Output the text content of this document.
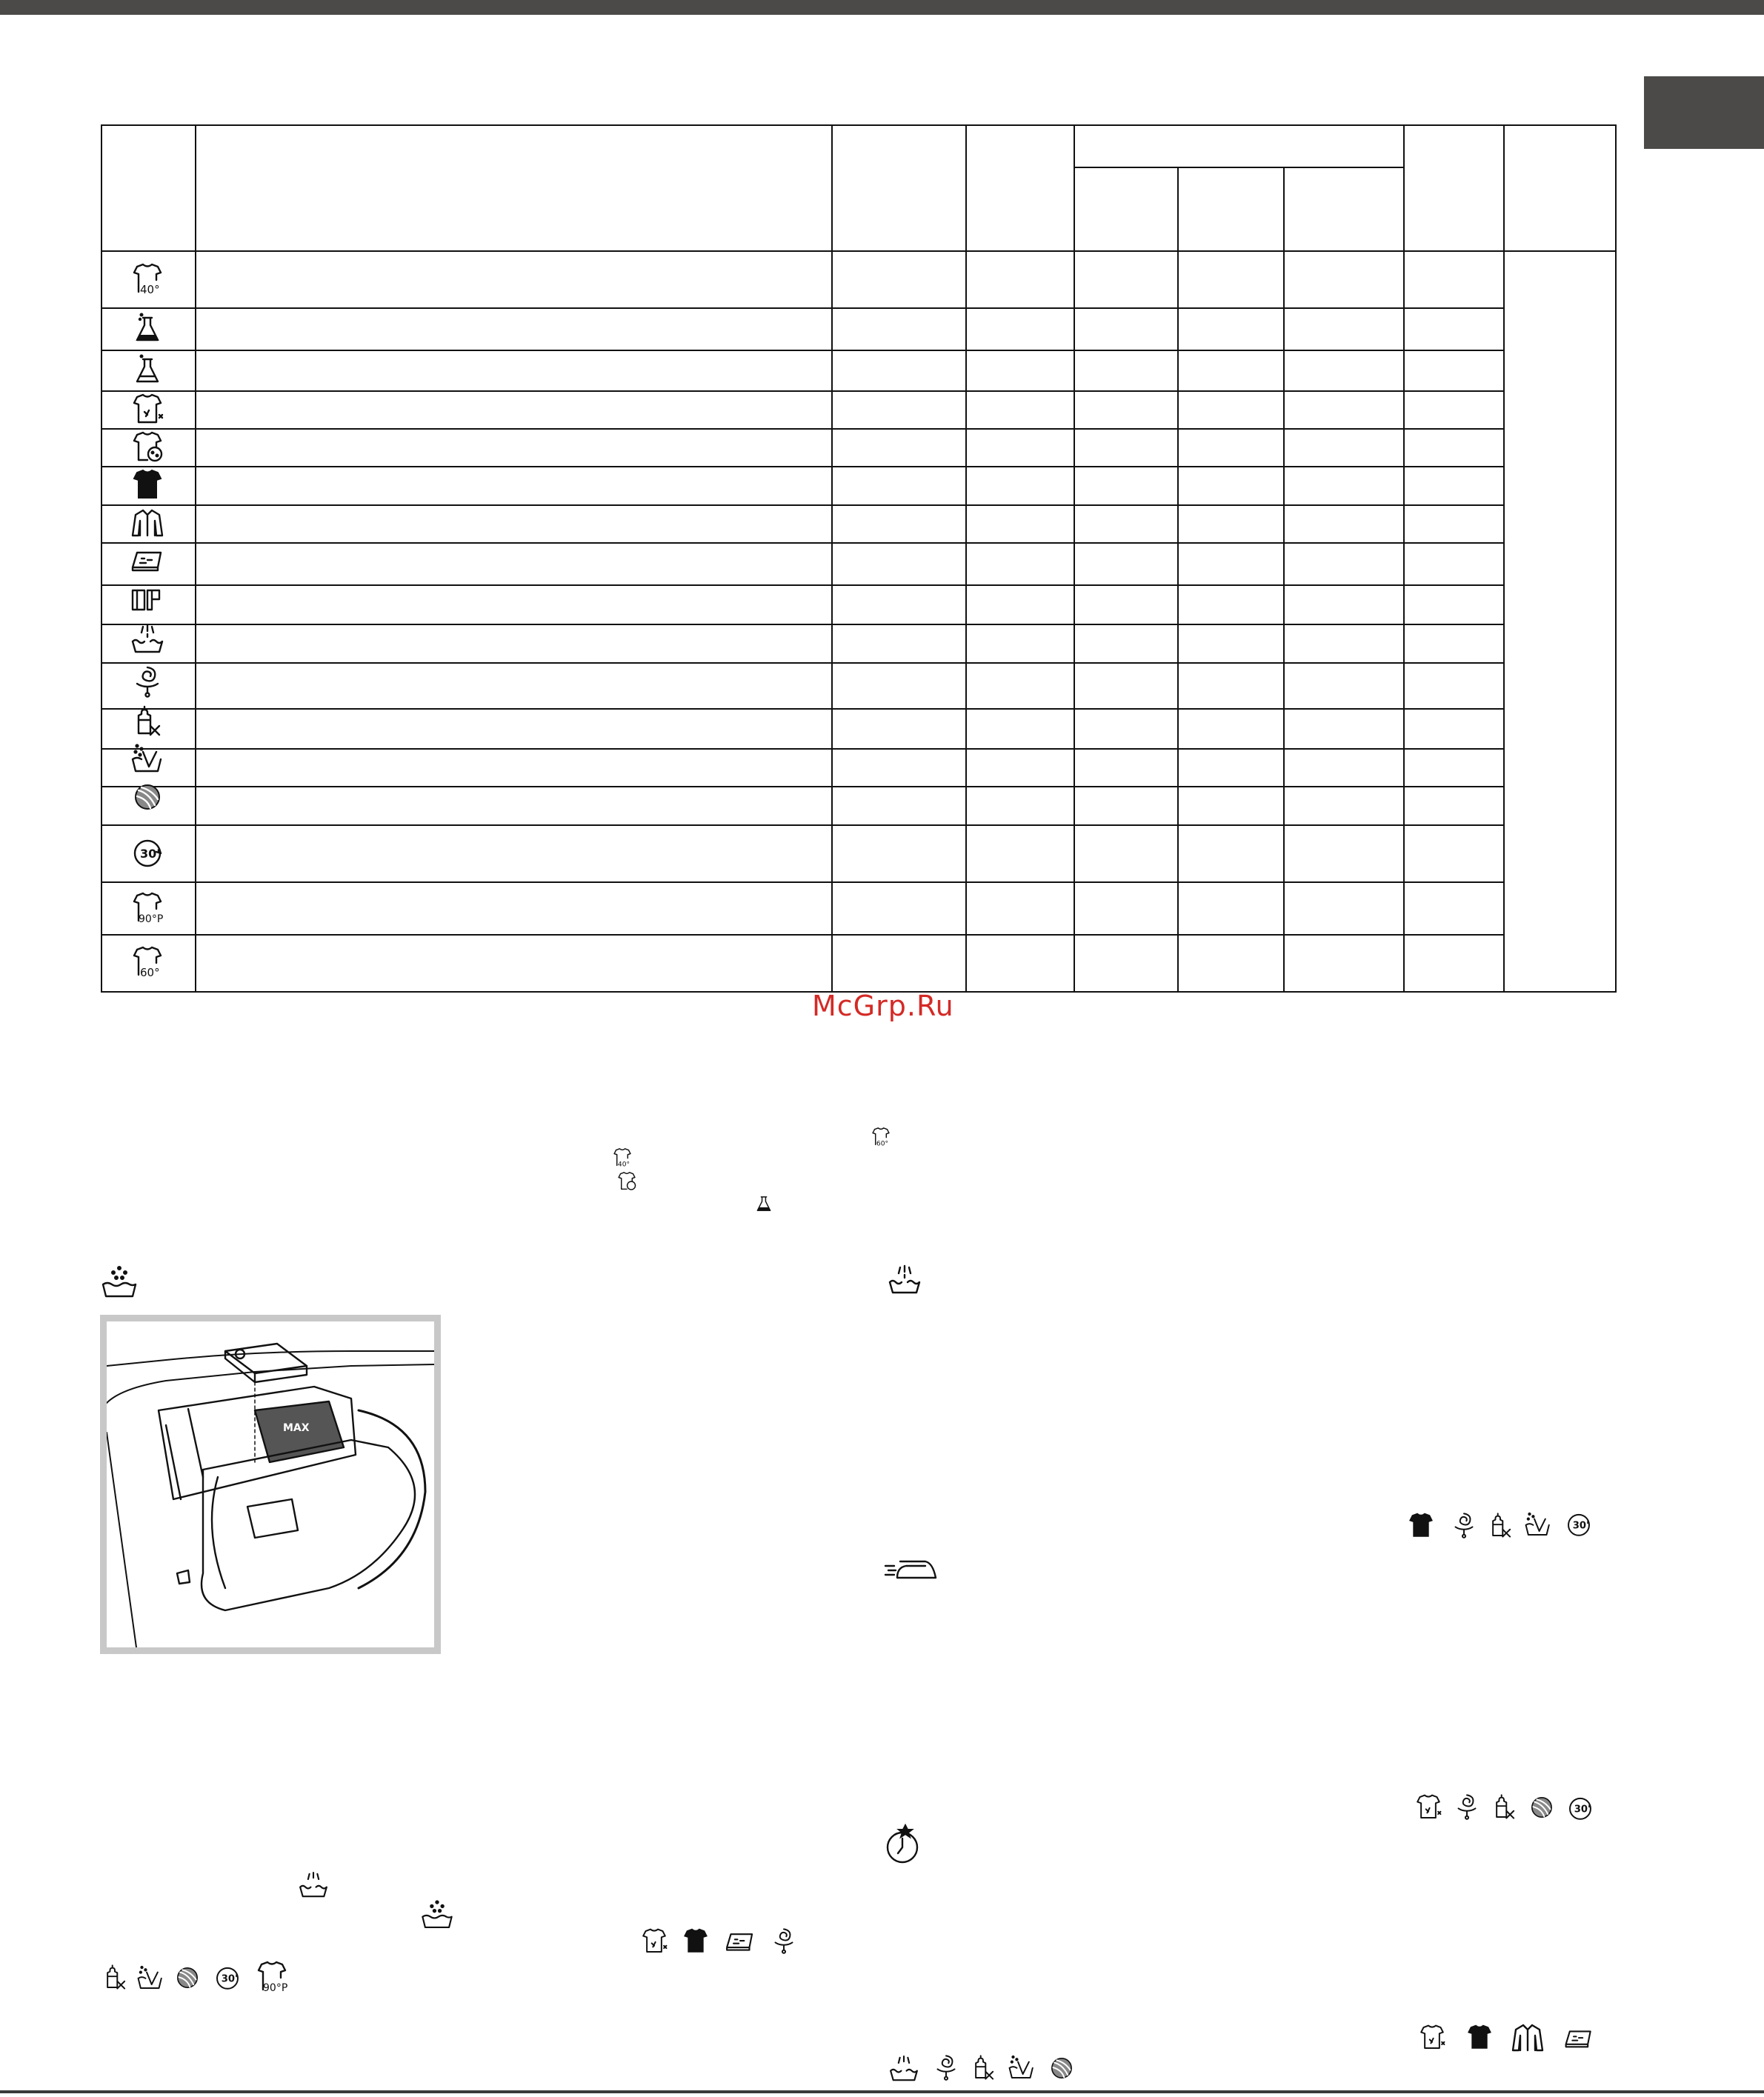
40°
30'
90°P
60°
McGrp.Ru
60°
40°
MAX
30'
30'
30'
90°P
